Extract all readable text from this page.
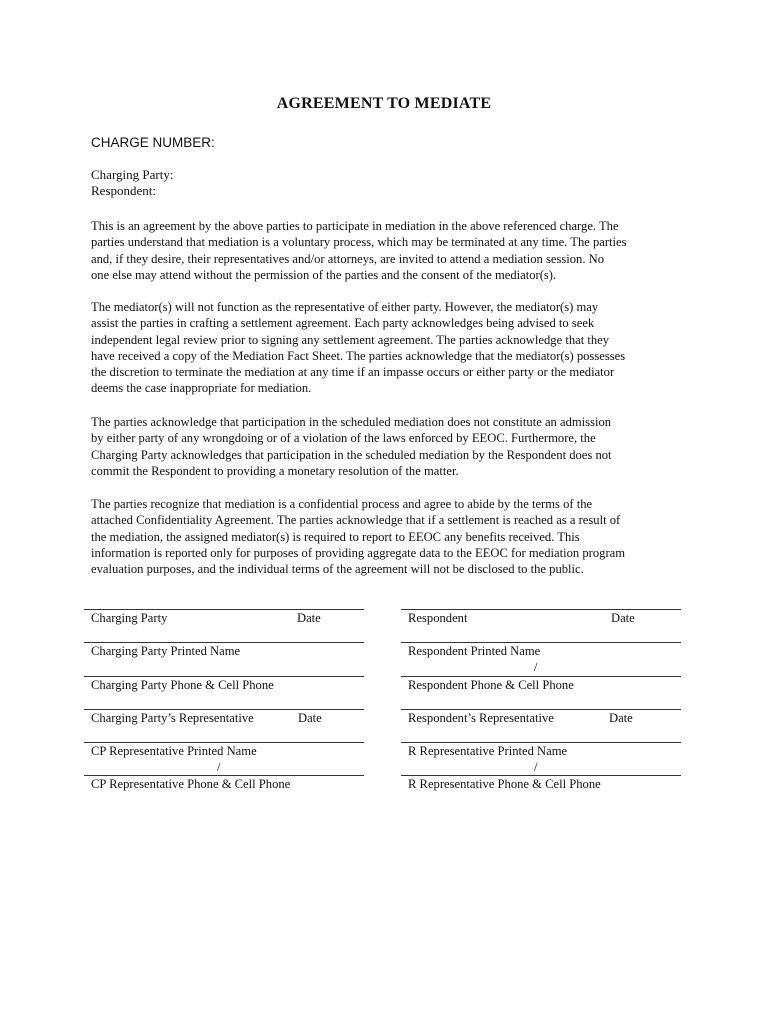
AGREEMENT TO MEDIATE
CHARGE NUMBER:
Charging Party:
Respondent:
This is an agreement by the above parties to participate in mediation in the above referenced charge. The
parties understand that mediation is a voluntary process, which may be terminated at any time. The parties
and, if they desire, their representatives and/or attorneys, are invited to attend a mediation session. No
one else may attend without the permission of the parties and the consent of the mediator(s).
The mediator(s) will not function as the representative of either party. However, the mediator(s) may
assist the parties in crafting a settlement agreement. Each party acknowledges being advised to seek
independent legal review prior to signing any settlement agreement. The parties acknowledge that they
have received a copy of the Mediation Fact Sheet. The parties acknowledge that the mediator(s) possesses
the discretion to terminate the mediation at any time if an impasse occurs or either party or the mediator
deems the case inappropriate for mediation.
The parties acknowledge that participation in the scheduled mediation does not constitute an admission
by either party of any wrongdoing or of a violation of the laws enforced by EEOC. Furthermore, the
Charging Party acknowledges that participation in the scheduled mediation by the Respondent does not
commit the Respondent to providing a monetary resolution of the matter.
The parties recognize that mediation is a confidential process and agree to abide by the terms of the
attached Confidentiality Agreement. The parties acknowledge that if a settlement is reached as a result of
the mediation, the assigned mediator(s) is required to report to EEOC any benefits received. This
information is reported only for purposes of providing aggregate data to the EEOC for mediation program
evaluation purposes, and the individual terms of the agreement will not be disclosed to the public.
Charging Party	Date
Charging Party Printed Name
Charging Party Phone & Cell Phone
Charging Party’s Representative	Date
CP Representative Printed Name
/
CP Representative Phone & Cell Phone
Respondent	Date
Respondent Printed Name
/
Respondent Phone & Cell Phone
Respondent’s Representative	Date
R Representative Printed Name
/
R Representative Phone & Cell Phone
